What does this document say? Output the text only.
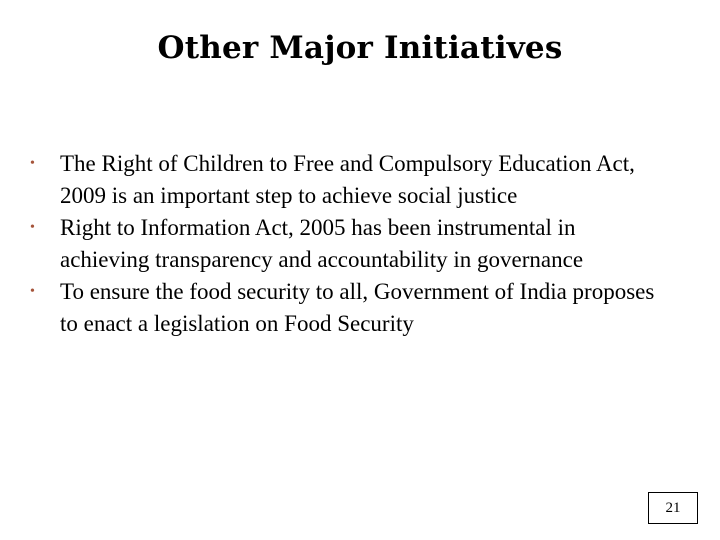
Other Major Initiatives
•	The Right of Children to Free and Compulsory Education Act, 2009 is an important step to achieve social justice
•	Right to Information Act, 2005 has been instrumental in achieving transparency and accountability in governance
•	To ensure the food security to all, Government of India proposes to enact a legislation on Food Security
21
